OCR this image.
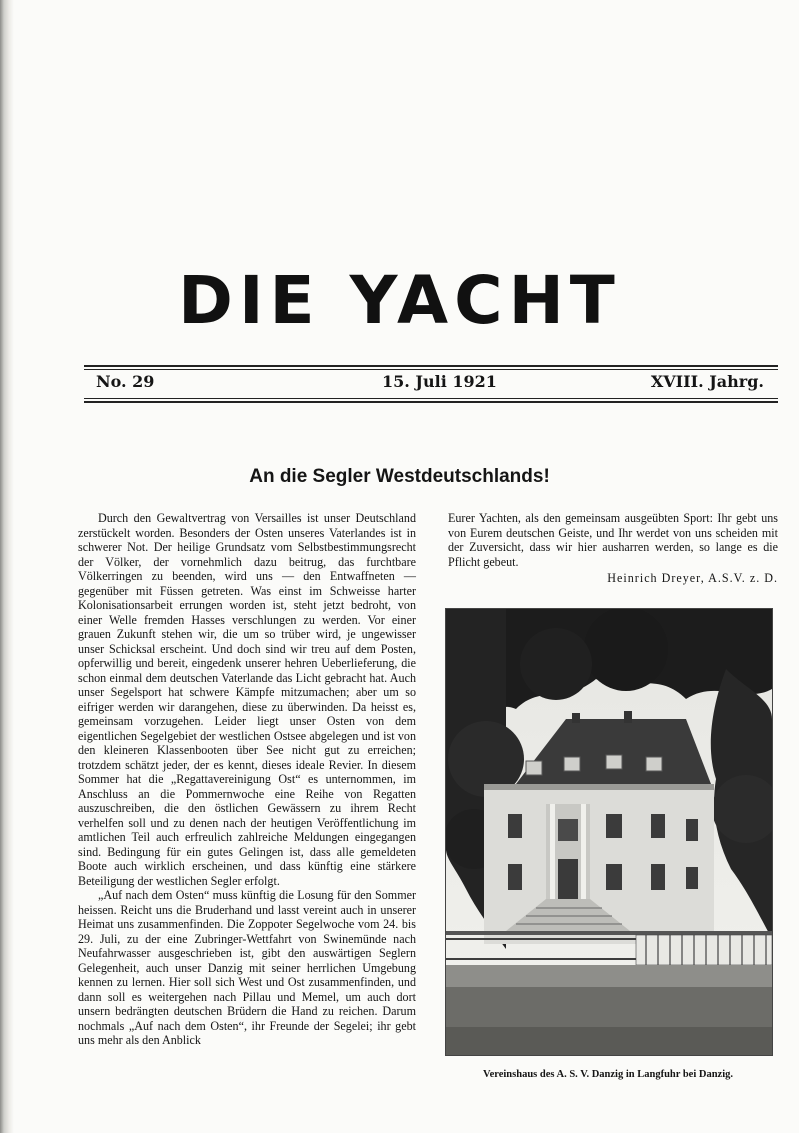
DIE YACHT
No. 29	15. Juli 1921	XVIII. Jahrg.
An die Segler Westdeutschlands!

Durch den Gewaltvertrag von Versailles ist unser Deutschland zerstückelt worden. Besonders der Osten unseres Vaterlandes ist in schwerer Not. Der heilige Grundsatz vom Selbstbestimmungsrecht der Völker, der vornehmlich dazu beitrug, das furchtbare Völkerringen zu beenden, wird uns — den Entwaffneten — gegenüber mit Füssen getreten. Was einst im Schweisse harter Kolonisationsarbeit errungen worden ist, steht jetzt bedroht, von einer Welle fremden Hasses verschlungen zu werden. Vor einer grauen Zukunft stehen wir, die um so trüber wird, je ungewisser unser Schicksal erscheint. Und doch sind wir treu auf dem Posten, opferwillig und bereit, eingedenk unserer hehren Ueberlieferung, die schon einmal dem deutschen Vaterlande das Licht gebracht hat. Auch unser Segelsport hat schwere Kämpfe mitzumachen; aber um so eifriger werden wir darangehen, diese zu überwinden. Da heisst es, gemeinsam vorzugehen. Leider liegt unser Osten von dem eigentlichen Segelgebiet der westlichen Ostsee abgelegen und ist von den kleineren Klassenbooten über See nicht gut zu erreichen; trotzdem schätzt jeder, der es kennt, dieses ideale Revier. In diesem Sommer hat die „Regattavereinigung Ost“ es unternommen, im Anschluss an die Pommernwoche eine Reihe von Regatten auszuschreiben, die den östlichen Gewässern zu ihrem Recht verhelfen soll und zu denen nach der heutigen Veröffentlichung im amtlichen Teil auch erfreulich zahlreiche Meldungen eingegangen sind. Bedingung für ein gutes Gelingen ist, dass alle gemeldeten Boote auch wirklich erscheinen, und dass künftig eine stärkere Beteiligung der westlichen Segler erfolgt.

„Auf nach dem Osten“ muss künftig die Losung für den Sommer heissen. Reicht uns die Bruderhand und lasst vereint auch in unserer Heimat uns zusammenfinden. Die Zoppoter Segelwoche vom 24. bis 29. Juli, zu der eine Zubringer-Wettfahrt von Swinemünde nach Neufahrwasser ausgeschrieben ist, gibt den auswärtigen Seglern Gelegenheit, auch unser Danzig mit seiner herrlichen Umgebung kennen zu lernen. Hier soll sich West und Ost zusammenfinden, und dann soll es weitergehen nach Pillau und Memel, um auch dort unsern bedrängten deutschen Brüdern die Hand zu reichen. Darum nochmals „Auf nach dem Osten“, ihr Freunde der Segelei; ihr gebt uns mehr als den Anblick

Eurer Yachten, als den gemeinsam ausgeübten Sport: Ihr gebt uns von Eurem deutschen Geiste, und Ihr werdet von uns scheiden mit der Zuversicht, dass wir hier ausharren werden, so lange es die Pflicht gebeut.

Heinrich Dreyer, A.S.V. z. D.
Vereinshaus des A. S. V. Danzig in Langfuhr bei Danzig.
